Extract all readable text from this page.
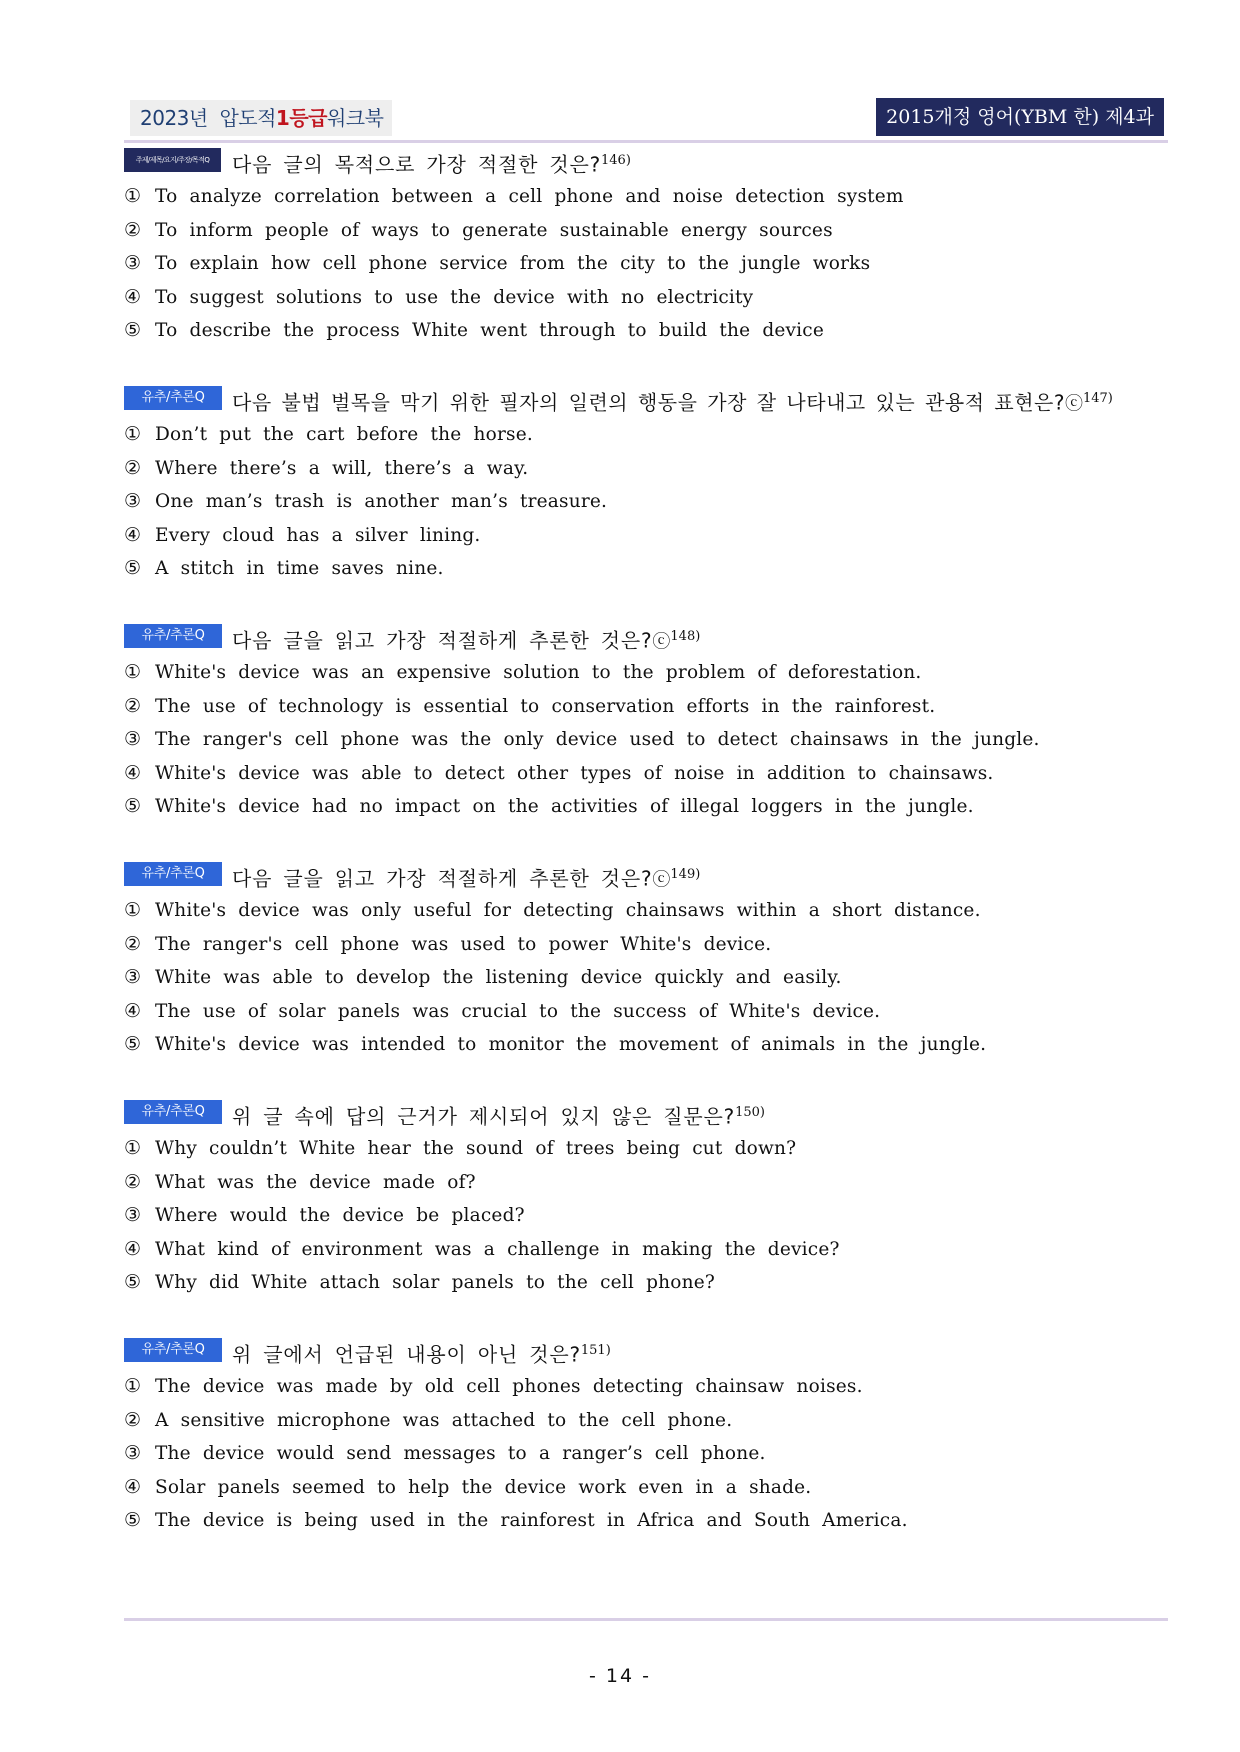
2023년 압도적1등급워크북	2015개정 영어(YBM 한) 제4과
주제/제목/요지/주장/목적Q	다음 글의 목적으로 가장 적절한 것은?$^{146)}$
① To analyze correlation between a cell phone and noise detection system
② To inform people of ways to generate sustainable energy sources
③ To explain how cell phone service from the city to the jungle works
④ To suggest solutions to use the device with no electricity
⑤ To describe the process White went through to build the device
유추/추론Q	다음 불법 벌목을 막기 위한 필자의 일련의 행동을 가장 잘 나타내고 있는 관용적 표현은?ⓒ$^{147)}$
① Don’t put the cart before the horse.
② Where there’s a will, there’s a way.
③ One man’s trash is another man’s treasure.
④ Every cloud has a silver lining.
⑤ A stitch in time saves nine.
유추/추론Q	다음 글을 읽고 가장 적절하게 추론한 것은?ⓒ$^{148)}$
① White's device was an expensive solution to the problem of deforestation.
② The use of technology is essential to conservation efforts in the rainforest.
③ The ranger's cell phone was the only device used to detect chainsaws in the jungle.
④ White's device was able to detect other types of noise in addition to chainsaws.
⑤ White's device had no impact on the activities of illegal loggers in the jungle.
유추/추론Q	다음 글을 읽고 가장 적절하게 추론한 것은?ⓒ$^{149)}$
① White's device was only useful for detecting chainsaws within a short distance.
② The ranger's cell phone was used to power White's device.
③ White was able to develop the listening device quickly and easily.
④ The use of solar panels was crucial to the success of White's device.
⑤ White's device was intended to monitor the movement of animals in the jungle.
유추/추론Q	위 글 속에 답의 근거가 제시되어 있지 않은 질문은?$^{150)}$
① Why couldn’t White hear the sound of trees being cut down?
② What was the device made of?
③ Where would the device be placed?
④ What kind of environment was a challenge in making the device?
⑤ Why did White attach solar panels to the cell phone?
유추/추론Q	위 글에서 언급된 내용이 아닌 것은?$^{151)}$
① The device was made by old cell phones detecting chainsaw noises.
② A sensitive microphone was attached to the cell phone.
③ The device would send messages to a ranger’s cell phone.
④ Solar panels seemed to help the device work even in a shade.
⑤ The device is being used in the rainforest in Africa and South America.
- 14 -
